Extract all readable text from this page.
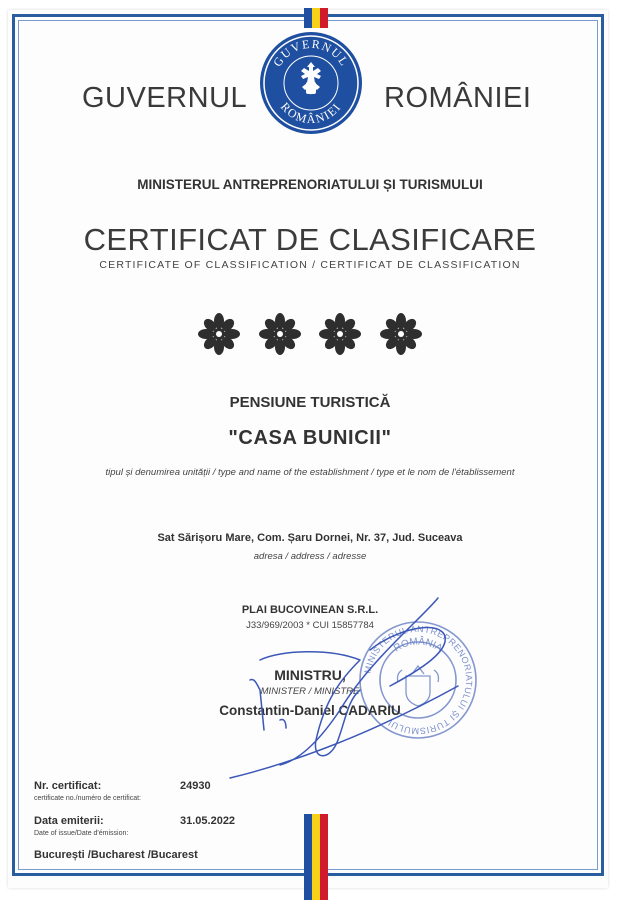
GUVERNUL	ROMÂNIEI
GUVERNUL
ROMÂNIEI
MINISTERUL ANTREPRENORIATULUI ȘI TURISMULUI
CERTIFICAT DE CLASIFICARE
CERTIFICATE OF CLASSIFICATION / CERTIFICAT DE CLASSIFICATION

PENSIUNE TURISTICĂ
"CASA BUNICII"
tipul și denumirea unității / type and name of the establishment / type et le nom de l'établissement
Sat Sărișoru Mare, Com. Șaru Dornei, Nr. 37, Jud. Suceava
adresa / address / adresse
PLAI BUCOVINEAN S.R.L.
J33/969/2003 * CUI 15857784
MINISTERUL ANTREPRENORIATULUI ȘI TURISMULUI
ROMÂNIA
MINISTRU,
MINISTER / MINISTRE
Constantin-Daniel CADARIU
Nr. certificat:
certificate no./numéro de certificat:
24930
Data emiterii:
Date of issue/Date d'émission:
31.05.2022
București /Bucharest /Bucarest
